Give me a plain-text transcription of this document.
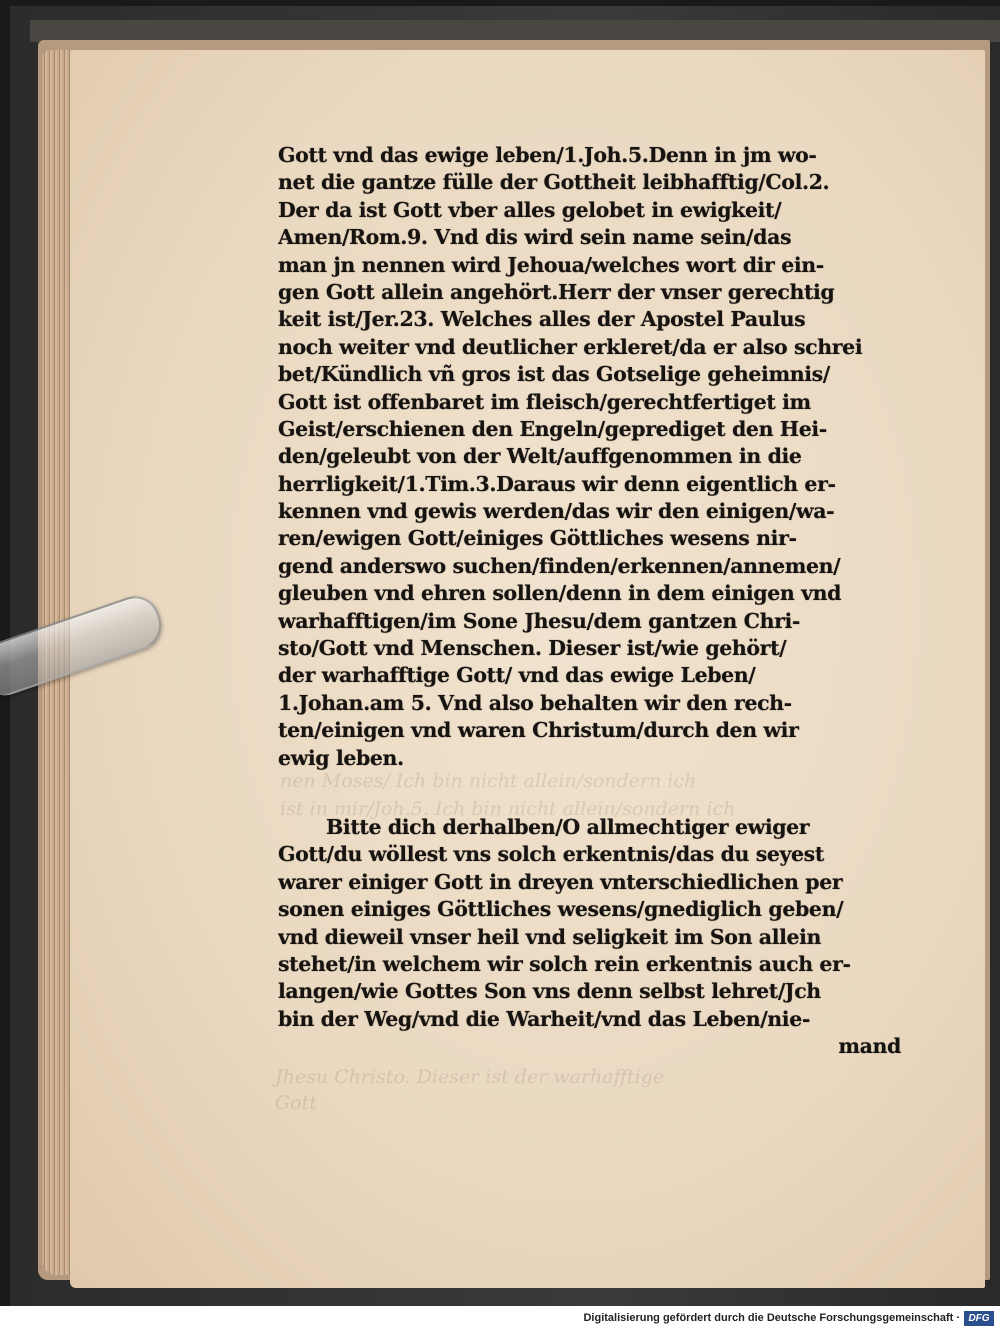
nen Moses/ Ich bin nicht allein/sondern ich
ist in mir/Joh.5. Ich bin nicht allein/sondern ich
Jhesu Christo. Dieser ist der warhafftige
Gott
Gott vnd das ewige leben/1.Joh.5.Denn in jm wo-
net die gantze fülle der Gottheit leibhafftig/Col.2.
Der da ist Gott vber alles gelobet in ewigkeit/
Amen/Rom.9. Vnd dis wird sein name sein/das
man jn nennen wird Jehoua/welches wort dir ein-
gen Gott allein angehört.Herr der vnser gerechtig
keit ist/Jer.23. Welches alles der Apostel Paulus
noch weiter vnd deutlicher erkleret/da er also schrei
bet/Kündlich vñ gros ist das Gotselige geheimnis/
Gott ist offenbaret im fleisch/gerechtfertiget im
Geist/erschienen den Engeln/geprediget den Hei-
den/geleubt von der Welt/auffgenommen in die
herrligkeit/1.Tim.3.Daraus wir denn eigentlich er-
kennen vnd gewis werden/das wir den einigen/wa-
ren/ewigen Gott/einiges Göttliches wesens nir-
gend anderswo suchen/finden/erkennen/annemen/
gleuben vnd ehren sollen/denn in dem einigen vnd
warhafftigen/im Sone Jhesu/dem gantzen Chri-
sto/Gott vnd Menschen. Dieser ist/wie gehört/
der warhafftige Gott/ vnd das ewige Leben/
1.Johan.am 5. Vnd also behalten wir den rech-
ten/einigen vnd waren Christum/durch den wir
ewig leben.
Bitte dich derhalben/O allmechtiger ewiger
Gott/du wöllest vns solch erkentnis/das du seyest
warer einiger Gott in dreyen vnterschiedlichen per
sonen einiges Göttliches wesens/gnediglich geben/
vnd dieweil vnser heil vnd seligkeit im Son allein
stehet/in welchem wir solch rein erkentnis auch er-
langen/wie Gottes Son vns denn selbst lehret/Jch
bin der Weg/vnd die Warheit/vnd das Leben/nie-
mand
Digitalisierung gefördert durch die Deutsche Forschungsgemeinschaft · DFG
